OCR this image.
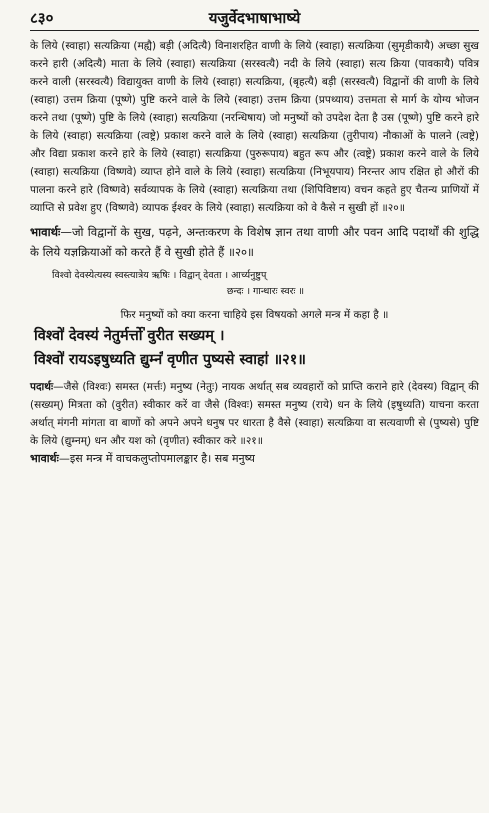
८३०	यजुर्वेदभाषाभाष्ये

के लिये (स्वाहा) सत्यक्रिया (मह्यै) बड़ी (अदित्यै) विनाशरहित वाणी के लिये (स्वाहा) सत्यक्रिया (सुमृडीकायै) अच्छा सुख करने हारी (अदित्यै) माता के लिये (स्वाहा) सत्यक्रिया (सरस्वत्यै) नदी के लिये (स्वाहा) सत्य क्रिया (पावकायै) पवित्र करने वाली (सरस्वत्यै) विद्यायुक्त वाणी के लिये (स्वाहा) सत्यक्रिया, (बृहत्यै) बड़ी (सरस्वत्यै) विद्वानों की वाणी के लिये (स्वाहा) उत्तम क्रिया (पूष्णे) पुष्टि करने वाले के लिये (स्वाहा) उत्तम क्रिया (प्रपथ्याय) उत्तमता से मार्ग के योग्य भोजन करने तथा (पूष्णे) पुष्टि के लिये (स्वाहा) सत्यक्रिया (नरन्धिषाय) जो मनुष्यों को उपदेश देता है उस (पूष्णे) पुष्टि करने हारे के लिये (स्वाहा) सत्यक्रिया (त्वष्ट्रे) प्रकाश करने वाले के लिये (स्वाहा) सत्यक्रिया (तुरीपाय) नौकाओं के पालने (त्वष्ट्रे) और विद्या प्रकाश करने हारे के लिये (स्वाहा) सत्यक्रिया (पुरुरूपाय) बहुत रूप और (त्वष्ट्रे) प्रकाश करने वाले के लिये (स्वाहा) सत्यक्रिया (विष्णवे) व्याप्त होने वाले के लिये (स्वाहा) सत्यक्रिया (निभूयपाय) निरन्तर आप रक्षित हो औरों की पालना करने हारे (विष्णवे) सर्वव्यापक के लिये (स्वाहा) सत्यक्रिया तथा (शिपिविष्टाय) वचन कहते हुए चैतन्य प्राणियों में व्याप्ति से प्रवेश हुए (विष्णवे) व्यापक ईश्वर के लिये (स्वाहा) सत्यक्रिया को वे कैसे न सुखी हों ॥२०॥

भावार्थः—जो विद्वानों के सुख, पढ़ने, अन्तःकरण के विशेष ज्ञान तथा वाणी और पवन आदि पदार्थों की शुद्धि के लिये यज्ञक्रियाओं को करते हैं वे सुखी होते हैं ॥२०॥
विश्वो देवस्येत्यस्य स्वस्त्यात्रेय ऋषिः । विद्वान् देवता । आर्च्यनुष्टुप्
छन्दः । गान्धारः स्वरः ॥
फिर मनुष्यों को क्या करना चाहिये इस विषयको अगले मन्त्र में कहा है ॥
विश्वो॑ देवस्य॑ नेतुर्मर्त्तो॑ वुरीत सख्यम् ।
विश्वो॑ रायऽइषुध्यति द्युम्नं॑ वृणीत पुष्यसे स्वाहा॑ ॥२१॥
पदार्थः—जैसे (विश्वः) समस्त (मर्त्तः) मनुष्य (नेतुः) नायक अर्थात् सब व्यवहारों को प्राप्ति कराने हारे (देवस्य) विद्वान् की (सख्यम्) मित्रता को (वुरीत) स्वीकार करें वा जैसे (विश्वः) समस्त मनुष्य (राये) धन के लिये (इषुध्यति) याचना करता अर्थात् मंगनी मांगता वा बाणों को अपने अपने धनुष पर धारता है वैसे (स्वाहा) सत्यक्रिया वा सत्यवाणी से (पुष्यसे) पुष्टि के लिये (द्युम्नम्) धन और यश को (वृणीत) स्वीकार करे ॥२१॥
भावार्थः—इस मन्त्र में वाचकलुप्तोपमालङ्कार है। सब मनुष्य
